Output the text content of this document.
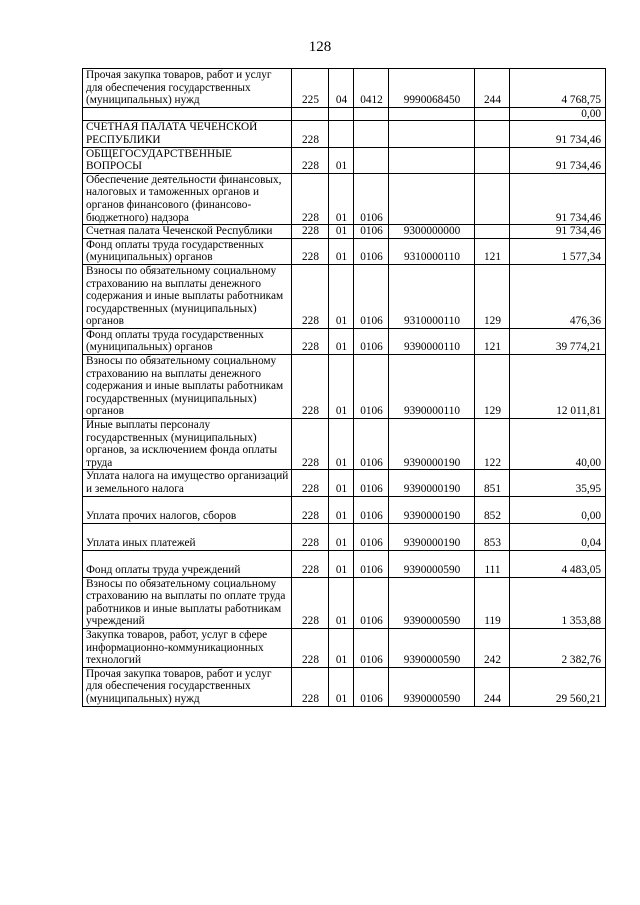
128
Прочая закупка товаров, работ и услуг для обеспечения государственных (муниципальных) нужд	225	04	0412	9990068450	244	4 768,75
						0,00
СЧЕТНАЯ ПАЛАТА ЧЕЧЕНСКОЙ РЕСПУБЛИКИ	228					91 734,46
ОБЩЕГОСУДАРСТВЕННЫЕ ВОПРОСЫ	228	01				91 734,46
Обеспечение деятельности финансовых, налоговых и таможенных органов и органов финансового (финансово-бюджетного) надзора	228	01	0106			91 734,46
Счетная палата Чеченской Республики	228	01	0106	9300000000		91 734,46
Фонд оплаты труда государственных (муниципальных) органов	228	01	0106	9310000110	121	1 577,34
Взносы по обязательному социальному страхованию на выплаты денежного содержания и иные выплаты работникам государственных (муниципальных) органов	228	01	0106	9310000110	129	476,36
Фонд оплаты труда государственных (муниципальных) органов	228	01	0106	9390000110	121	39 774,21
Взносы по обязательному социальному страхованию на выплаты денежного содержания и иные выплаты работникам государственных (муниципальных) органов	228	01	0106	9390000110	129	12 011,81
Иные выплаты персоналу государственных (муниципальных) органов, за исключением фонда оплаты труда	228	01	0106	9390000190	122	40,00
Уплата налога на имущество организаций и земельного налога	228	01	0106	9390000190	851	35,95
Уплата прочих налогов, сборов	228	01	0106	9390000190	852	0,00
Уплата иных платежей	228	01	0106	9390000190	853	0,04
Фонд оплаты труда учреждений	228	01	0106	9390000590	111	4 483,05
Взносы по обязательному социальному страхованию на выплаты по оплате труда работников и иные выплаты работникам учреждений	228	01	0106	9390000590	119	1 353,88
Закупка товаров, работ, услуг в сфере информационно-коммуникационных технологий	228	01	0106	9390000590	242	2 382,76
Прочая закупка товаров, работ и услуг для обеспечения государственных (муниципальных) нужд	228	01	0106	9390000590	244	29 560,21
